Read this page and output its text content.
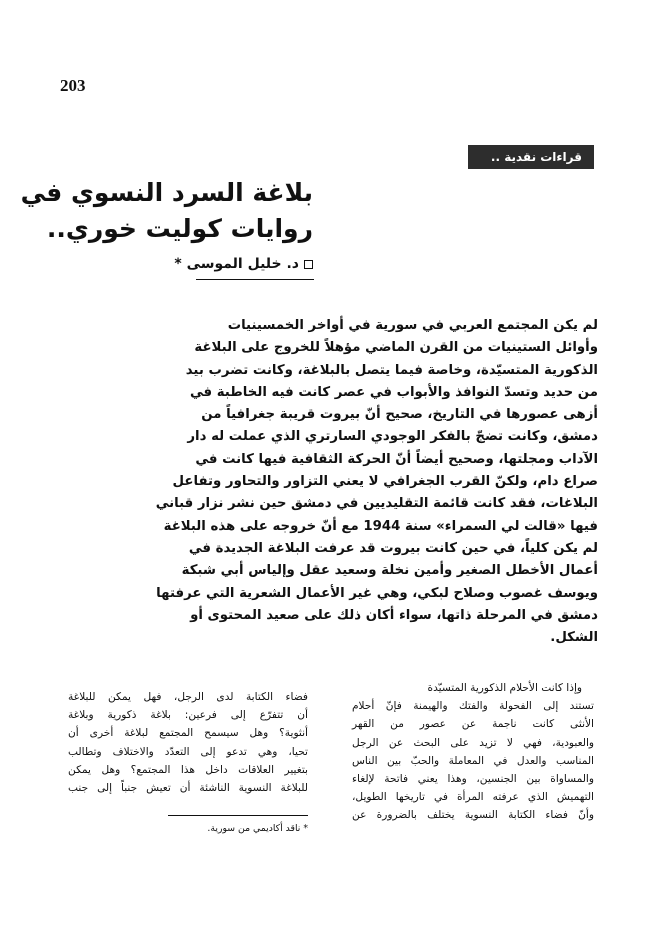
203
قراءات نقدية ..
بلاغة السرد النسوي في
روايات كوليت خوري..
د. خليل الموسى *

لم يكن المجتمع العربي في سورية في أواخر الخمسينيات
وأوائل الستينيات من القرن الماضي مؤهلاً للخروج على البلاغة
الذكورية المتسيّدة، وخاصة فيما يتصل بالبلاغة، وكانت تضرب بيد
من حديد وتسدّ النوافذ والأبواب في عصر كانت فيه الخاطبة في
أزهى عصورها في التاريخ، صحيح أنّ بيروت قريبة جغرافياً من
دمشق، وكانت تضجّ بالفكر الوجودي السارتري الذي عملت له دار
الآداب ومجلتها، وصحيح أيضاً أنّ الحركة الثقافية فيها كانت في
صراع دام، ولكنّ القرب الجغرافي لا يعني التزاور والتحاور وتفاعل
البلاغات، فقد كانت قائمة التقليديين في دمشق حين نشر نزار قباني
فيها «قالت لي السمراء» سنة 1944 مع أنّ خروجه على هذه البلاغة
لم يكن كلياً، في حين كانت بيروت قد عرفت البلاغة الجديدة في
أعمال الأخطل الصغير وأمين نخلة وسعيد عقل وإلياس أبي شبكة
ويوسف غصوب وصلاح لبكي، وهي غير الأعمال الشعرية التي عرفتها
دمشق في المرحلة ذاتها، سواء أكان ذلك على صعيد المحتوى أو
الشكل.

وإذا كانت الأحلام الذكورية المتسيّدة
تستند إلى الفحولة والفتك والهيمنة فإنّ أحلام
الأنثى كانت ناجمة عن عصور من القهر
والعبودية، فهي لا تزيد على البحث عن الرجل
المناسب والعدل في المعاملة والحبّ بين الناس
والمساواة بين الجنسين، وهذا يعني فاتحة لإلغاء
التهميش الذي عرفته المرأة في تاريخها الطويل،
وأنّ فضاء الكتابة النسوية يختلف بالضرورة عن

فضاء الكتابة لدى الرجل، فهل يمكن للبلاغة
أن تتفرّع إلى فرعين: بلاغة ذكورية وبلاغة
أنثوية؟ وهل سيسمح المجتمع لبلاغة أخرى أن
تحيا، وهي تدعو إلى التعدّد والاختلاف وتطالب
بتغيير العلاقات داخل هذا المجتمع؟ وهل يمكن
للبلاغة النسوية الناشئة أن تعيش جنباً إلى جنب

* ناقد أكاديمي من سورية.
